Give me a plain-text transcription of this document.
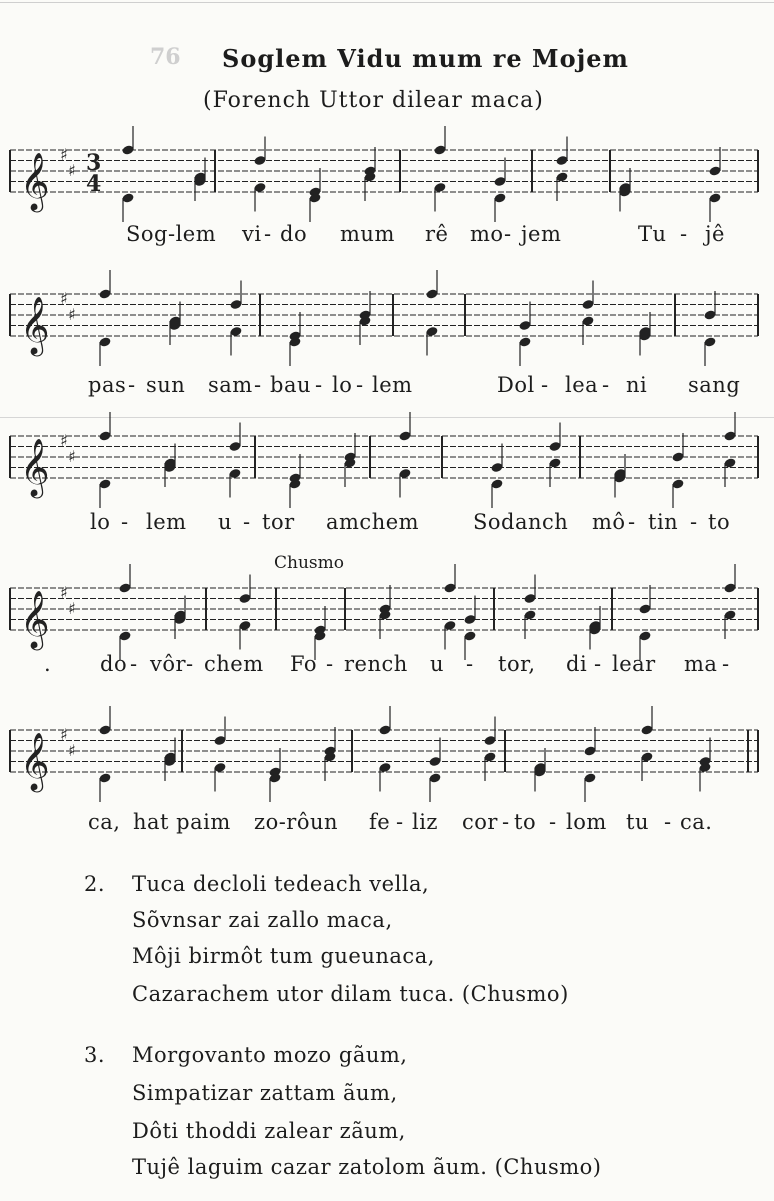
76 Soglem Vidu mum re Mojem
(Forench Uttor dilear maca)
𝄞 ♯
♯ 3
4
𝄞 ♯
♯
𝄞 ♯
♯
𝄞 ♯
♯
𝄞 ♯
♯
Chusmo
Sog-lem vi - do mum rê mo - jem	Tu - jê
pas - sun sam - bau - lo - lem	Dol - lea - ni sang
lo - lem u - tor amchem	Sodanch mô - tin - to
. do - vôr- chem Fo - rench u - tor, di - lear ma -
ca, hat paim zo-rôun fe - liz cor - to - lom tu - ca.
2. Tuca decloli tedeach vella,
Sõvnsar zai zallo maca,
Môji birmôt tum gueunaca,
Cazarachem utor dilam tuca. (Chusmo)
3. Morgovanto mozo gãum,
Simpatizar zattam ãum,
Dôti thoddi zalear zãum,
Tujê laguim cazar zatolom ãum. (Chusmo)
